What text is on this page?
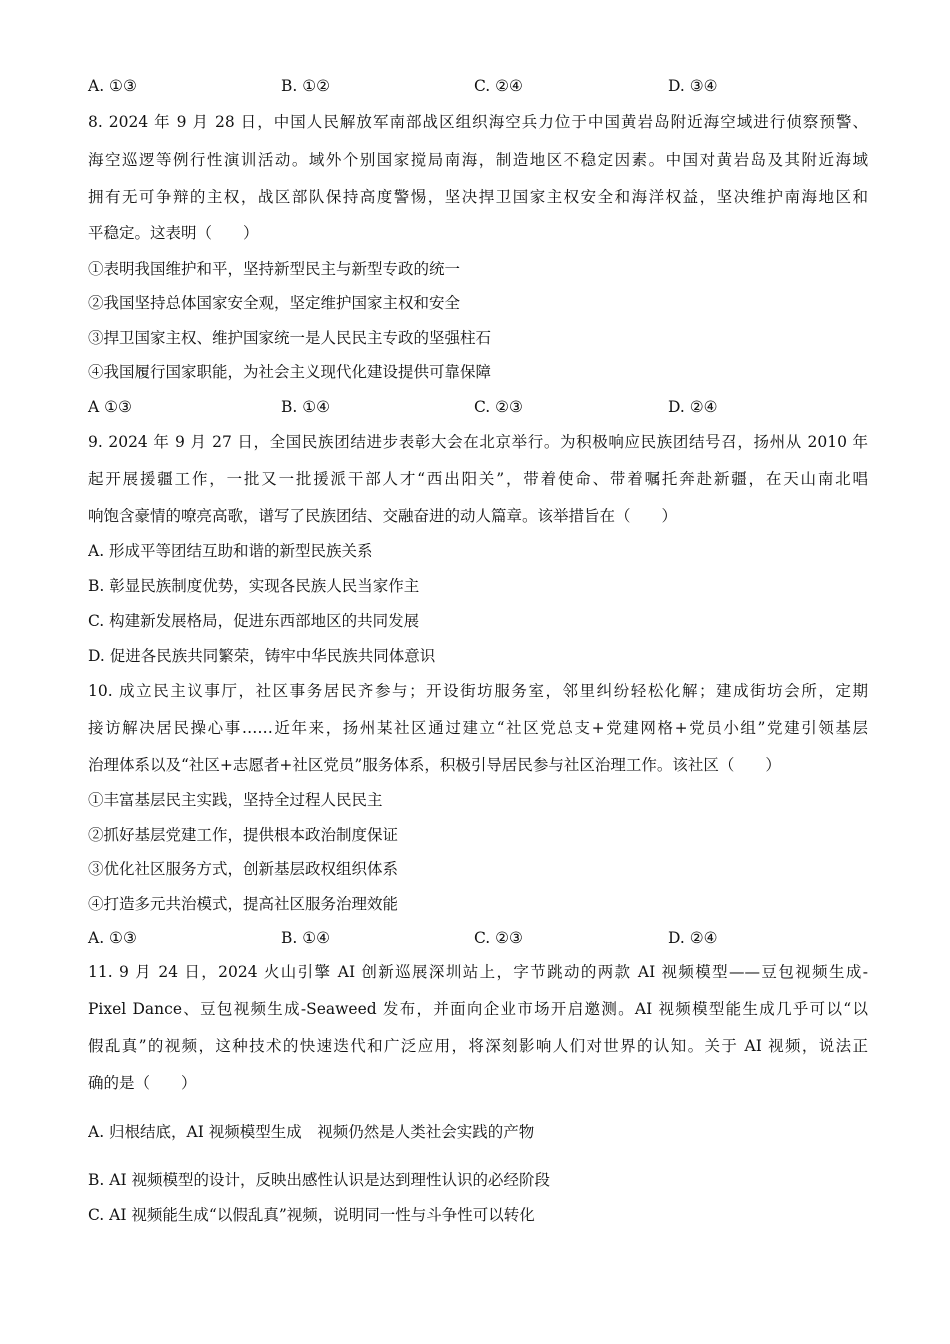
A. ①③	B. ①②	C. ②④	D. ③④
8. 2024 年 9 月 28 日，中国人民解放军南部战区组织海空兵力位于中国黄岩岛附近海空域进行侦察预警、
海空巡逻等例行性演训活动。域外个别国家搅局南海，制造地区不稳定因素。中国对黄岩岛及其附近海域
拥有无可争辩的主权，战区部队保持高度警惕，坚决捍卫国家主权安全和海洋权益，坚决维护南海地区和
平稳定。这表明（　　）
①表明我国维护和平，坚持新型民主与新型专政的统一
②我国坚持总体国家安全观，坚定维护国家主权和安全
③捍卫国家主权、维护国家统一是人民民主专政的坚强柱石
④我国履行国家职能，为社会主义现代化建设提供可靠保障
A ①③	B. ①④	C. ②③	D. ②④
9. 2024 年 9 月 27 日，全国民族团结进步表彰大会在北京举行。为积极响应民族团结号召，扬州从 2010 年
起开展援疆工作，一批又一批援派干部人才“西出阳关”，带着使命、带着嘱托奔赴新疆，在天山南北唱
响饱含豪情的嘹亮高歌，谱写了民族团结、交融奋进的动人篇章。该举措旨在（　　）
A. 形成平等团结互助和谐的新型民族关系
B. 彰显民族制度优势，实现各民族人民当家作主
C. 构建新发展格局，促进东西部地区的共同发展
D. 促进各民族共同繁荣，铸牢中华民族共同体意识
10. 成立民主议事厅，社区事务居民齐参与；开设街坊服务室，邻里纠纷轻松化解；建成街坊会所，定期
接访解决居民操心事……近年来，扬州某社区通过建立“社区党总支+党建网格+党员小组”党建引领基层
治理体系以及“社区+志愿者+社区党员”服务体系，积极引导居民参与社区治理工作。该社区（　　）
①丰富基层民主实践，坚持全过程人民民主
②抓好基层党建工作，提供根本政治制度保证
③优化社区服务方式，创新基层政权组织体系
④打造多元共治模式，提高社区服务治理效能
A. ①③	B. ①④	C. ②③	D. ②④
11. 9 月 24 日，2024 火山引擎 AI 创新巡展深圳站上，字节跳动的两款 AI 视频模型——豆包视频生成-
Pixel Dance、豆包视频生成-Seaweed 发布，并面向企业市场开启邀测。AI 视频模型能生成几乎可以“以
假乱真”的视频，这种技术的快速迭代和广泛应用，将深刻影响人们对世界的认知。关于 AI 视频，说法正
确的是（　　）
A. 归根结底，AI 视频模型生成　视频仍然是人类社会实践的产物
B. AI 视频模型的设计，反映出感性认识是达到理性认识的必经阶段
C. AI 视频能生成“以假乱真”视频，说明同一性与斗争性可以转化
